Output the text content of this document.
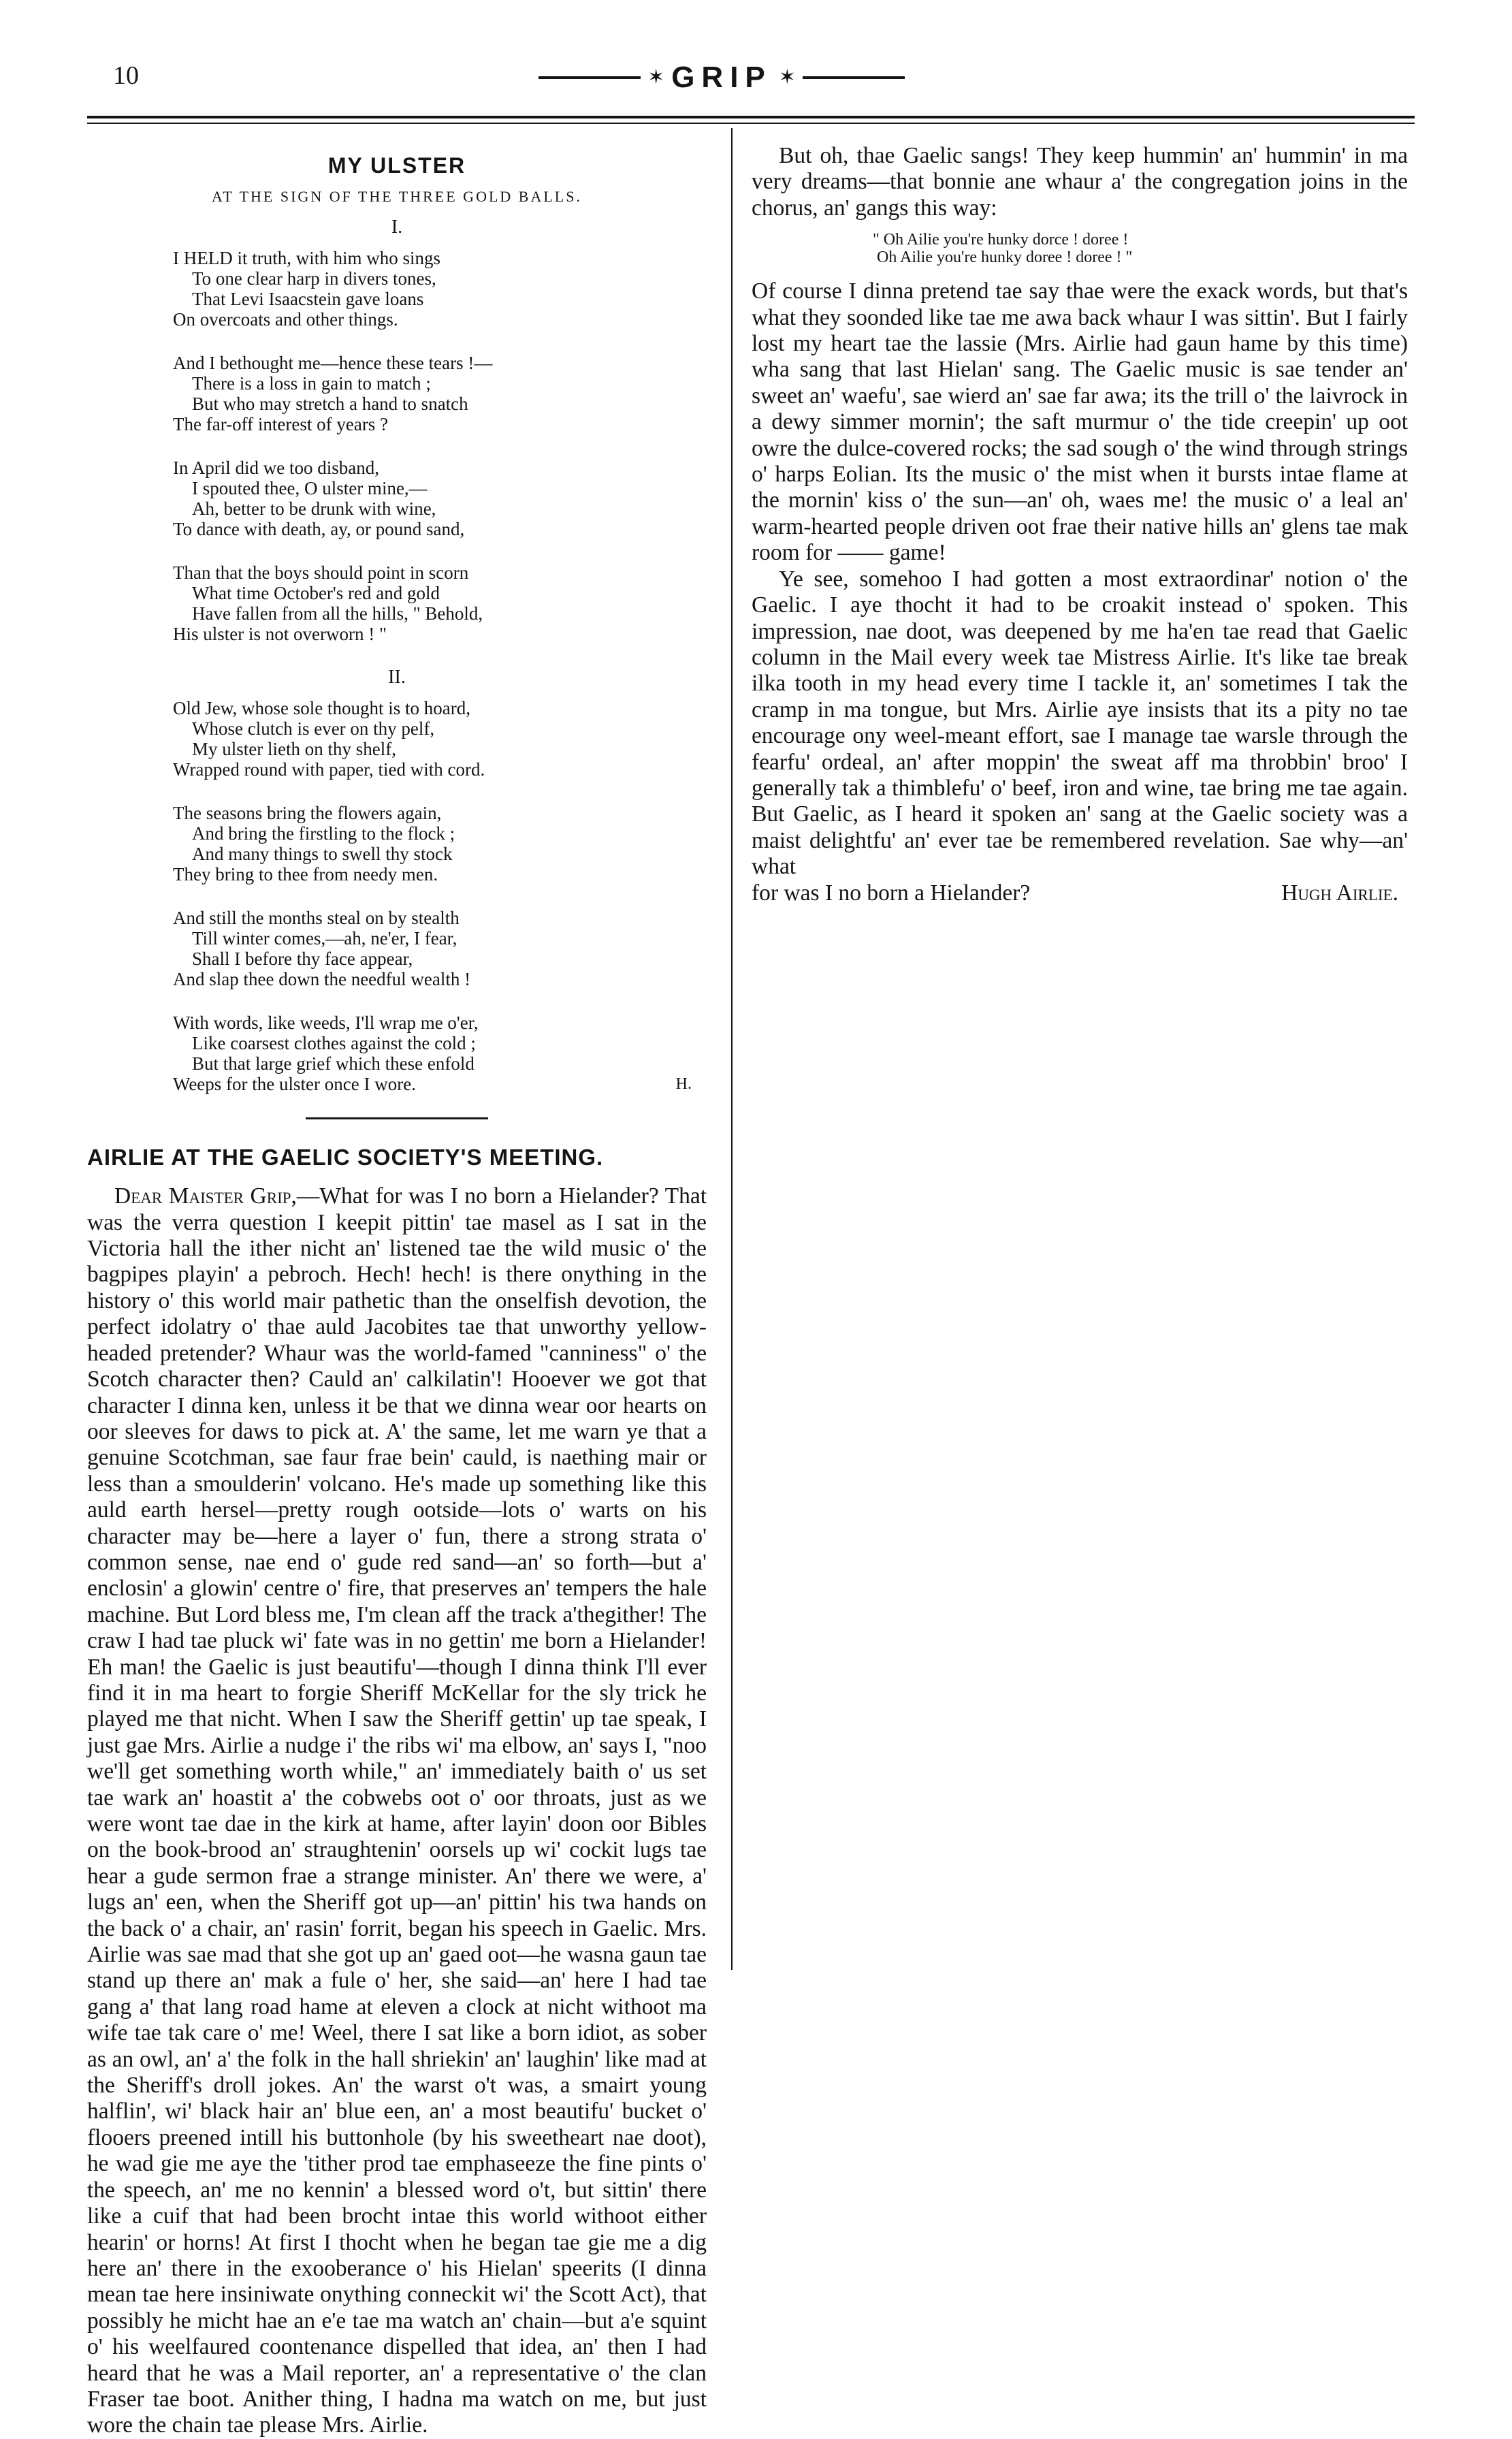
10	✶ GRIP ✶
MY ULSTER
AT THE SIGN OF THE THREE GOLD BALLS.
I.
I HELD it truth, with him who sings
To one clear harp in divers tones,
That Levi Isaacstein gave loans
On overcoats and other things.
And I bethought me—hence these tears !—
There is a loss in gain to match ;
But who may stretch a hand to snatch
The far-off interest of years ?
In April did we too disband,
I spouted thee, O ulster mine,—
Ah, better to be drunk with wine,
To dance with death, ay, or pound sand,
Than that the boys should point in scorn
What time October's red and gold
Have fallen from all the hills, " Behold,
His ulster is not overworn ! "
II.
Old Jew, whose sole thought is to hoard,
Whose clutch is ever on thy pelf,
My ulster lieth on thy shelf,
Wrapped round with paper, tied with cord.
The seasons bring the flowers again,
And bring the firstling to the flock ;
And many things to swell thy stock
They bring to thee from needy men.
And still the months steal on by stealth
Till winter comes,—ah, ne'er, I fear,
Shall I before thy face appear,
And slap thee down the needful wealth !
With words, like weeds, I'll wrap me o'er,
Like coarsest clothes against the cold ;
But that large grief which these enfold
Weeps for the ulster once I wore.	H.
AIRLIE AT THE GAELIC SOCIETY'S MEETING.

Dear Maister Grip,—What for was I no born a Hielander? That was the verra question I keepit pittin' tae masel as I sat in the Victoria hall the ither nicht an' listened tae the wild music o' the bagpipes playin' a pebroch. Hech! hech! is there onything in the history o' this world mair pathetic than the onselfish devotion, the perfect idolatry o' thae auld Jacobites tae that unworthy yellow-headed pretender? Whaur was the world-famed "canniness" o' the Scotch character then? Cauld an' calkilatin'! Hooever we got that character I dinna ken, unless it be that we dinna wear oor hearts on oor sleeves for daws to pick at. A' the same, let me warn ye that a genuine Scotchman, sae faur frae bein' cauld, is naething mair or less than a smoulderin' volcano. He's made up something like this auld earth hersel—pretty rough ootside—lots o' warts on his character may be—here a layer o' fun, there a strong strata o' common sense, nae end o' gude red sand—an' so forth—but a' enclosin' a glowin' centre o' fire, that preserves an' tempers the hale machine. But Lord bless me, I'm clean aff the track a'thegither! The craw I had tae pluck wi' fate was in no gettin' me born a Hielander! Eh man! the Gaelic is just beautifu'—though I dinna think I'll ever find it in ma heart to forgie Sheriff McKellar for the sly trick he played me that nicht. When I saw the Sheriff gettin' up tae speak, I just gae Mrs. Airlie a nudge i' the ribs wi' ma elbow, an' says I, "noo we'll get something worth while," an' immediately baith o' us set tae wark an' hoastit a' the cobwebs oot o' oor throats, just as we were wont tae dae in the kirk at hame, after layin' doon oor Bibles on the book-brood an' straughtenin' oorsels up wi' cockit lugs tae hear a gude sermon frae a strange minister. An' there we were, a' lugs an' een, when the Sheriff got up—an' pittin' his twa hands on the back o' a chair, an' rasin' forrit, began his speech in Gaelic. Mrs. Airlie was sae mad that she got up an' gaed oot—he wasna gaun tae stand up there an' mak a fule o' her, she said—an' here I had tae gang a' that lang road hame at eleven a clock at nicht withoot ma wife tae tak care o' me! Weel, there I sat like a born idiot, as sober as an owl, an' a' the folk in the hall shriekin' an' laughin' like mad at the Sheriff's droll jokes. An' the warst o't was, a smairt young halflin', wi' black hair an' blue een, an' a most beautifu' bucket o' flooers preened intill his buttonhole (by his sweetheart nae doot), he wad gie me aye the 'tither prod tae emphaseeze the fine pints o' the speech, an' me no kennin' a blessed word o't, but sittin' there like a cuif that had been brocht intae this world withoot either hearin' or horns! At first I thocht when he began tae gie me a dig here an' there in the exooberance o' his Hielan' speerits (I dinna mean tae here insiniwate onything conneckit wi' the Scott Act), that possibly he micht hae an e'e tae ma watch an' chain—but a'e squint o' his weelfaured coontenance dispelled that idea, an' then I had heard that he was a Mail reporter, an' a representative o' the clan Fraser tae boot. Anither thing, I hadna ma watch on me, but just wore the chain tae please Mrs. Airlie.

But oh, thae Gaelic sangs! They keep hummin' an' hummin' in ma very dreams—that bonnie ane whaur a' the congregation joins in the chorus, an' gangs this way:

" Oh Ailie you're hunky dorce ! doree !
Oh Ailie you're hunky doree ! doree ! "

Of course I dinna pretend tae say thae were the exack words, but that's what they soonded like tae me awa back whaur I was sittin'. But I fairly lost my heart tae the lassie (Mrs. Airlie had gaun hame by this time) wha sang that last Hielan' sang. The Gaelic music is sae tender an' sweet an' waefu', sae wierd an' sae far awa; its the trill o' the laivrock in a dewy simmer mornin'; the saft murmur o' the tide creepin' up oot owre the dulce-covered rocks; the sad sough o' the wind through strings o' harps Eolian. Its the music o' the mist when it bursts intae flame at the mornin' kiss o' the sun—an' oh, waes me! the music o' a leal an' warm-hearted people driven oot frae their native hills an' glens tae mak room for —— game!

Ye see, somehoo I had gotten a most extraordinar' notion o' the Gaelic. I aye thocht it had to be croakit instead o' spoken. This impression, nae doot, was deepened by me ha'en tae read that Gaelic column in the Mail every week tae Mistress Airlie. It's like tae break ilka tooth in my head every time I tackle it, an' sometimes I tak the cramp in ma tongue, but Mrs. Airlie aye insists that its a pity no tae encourage ony weel-meant effort, sae I manage tae warsle through the fearfu' ordeal, an' after moppin' the sweat aff ma throbbin' broo' I generally tak a thimblefu' o' beef, iron and wine, tae bring me tae again. But Gaelic, as I heard it spoken an' sang at the Gaelic society was a maist delightfu' an' ever tae be remembered revelation. Sae why—an' what

for was I no born a Hielander?	Hugh Airlie.
